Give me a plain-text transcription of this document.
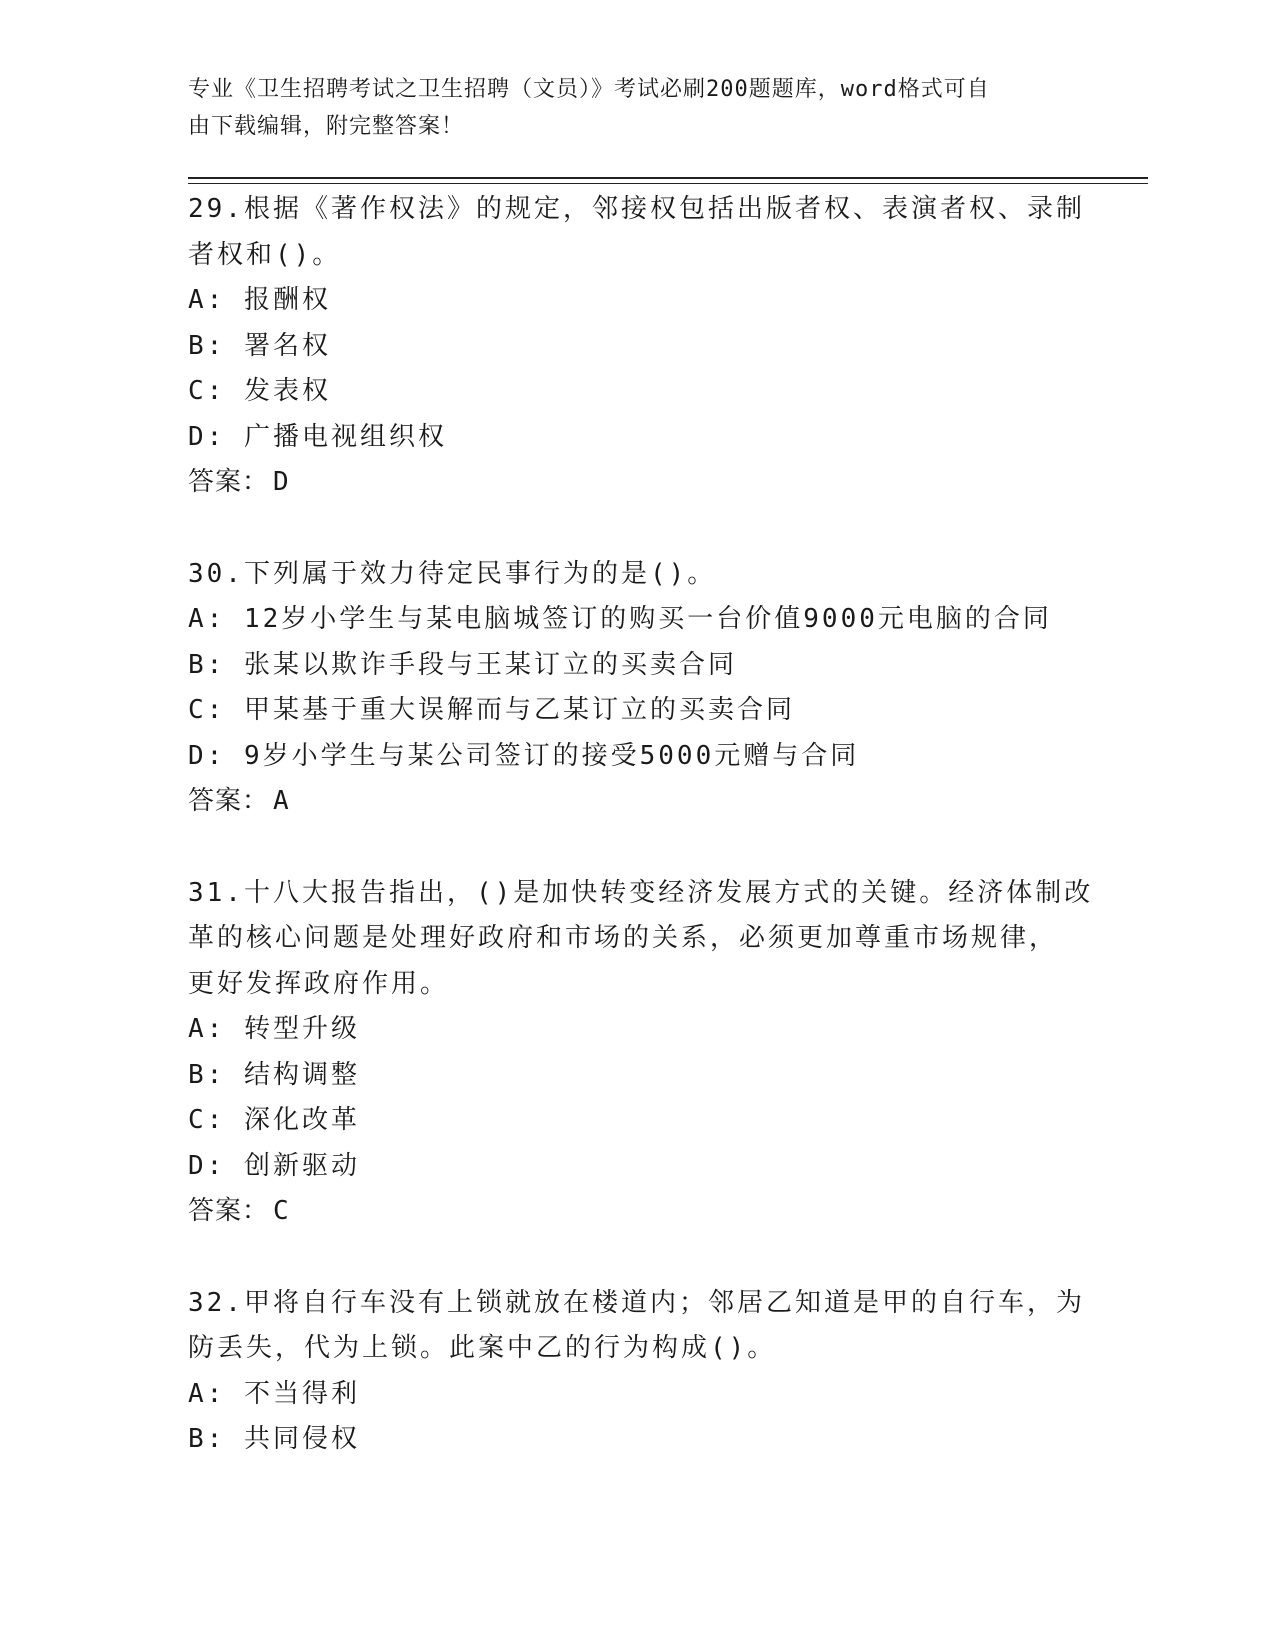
专业《卫生招聘考试之卫生招聘（文员）》考试必刷200题题库，word格式可自
由下载编辑，附完整答案！
29.根据《著作权法》的规定，邻接权包括出版者权、表演者权、录制
者权和()。
A: 报酬权
B: 署名权
C: 发表权
D: 广播电视组织权
答案： D
30.下列属于效力待定民事行为的是()。
A: 12岁小学生与某电脑城签订的购买一台价值9000元电脑的合同
B: 张某以欺诈手段与王某订立的买卖合同
C: 甲某基于重大误解而与乙某订立的买卖合同
D: 9岁小学生与某公司签订的接受5000元赠与合同
答案： A
31.十八大报告指出，()是加快转变经济发展方式的关键。经济体制改
革的核心问题是处理好政府和市场的关系，必须更加尊重市场规律，
更好发挥政府作用。
A: 转型升级
B: 结构调整
C: 深化改革
D: 创新驱动
答案： C
32.甲将自行车没有上锁就放在楼道内；邻居乙知道是甲的自行车，为
防丢失，代为上锁。此案中乙的行为构成()。
A: 不当得利
B: 共同侵权
